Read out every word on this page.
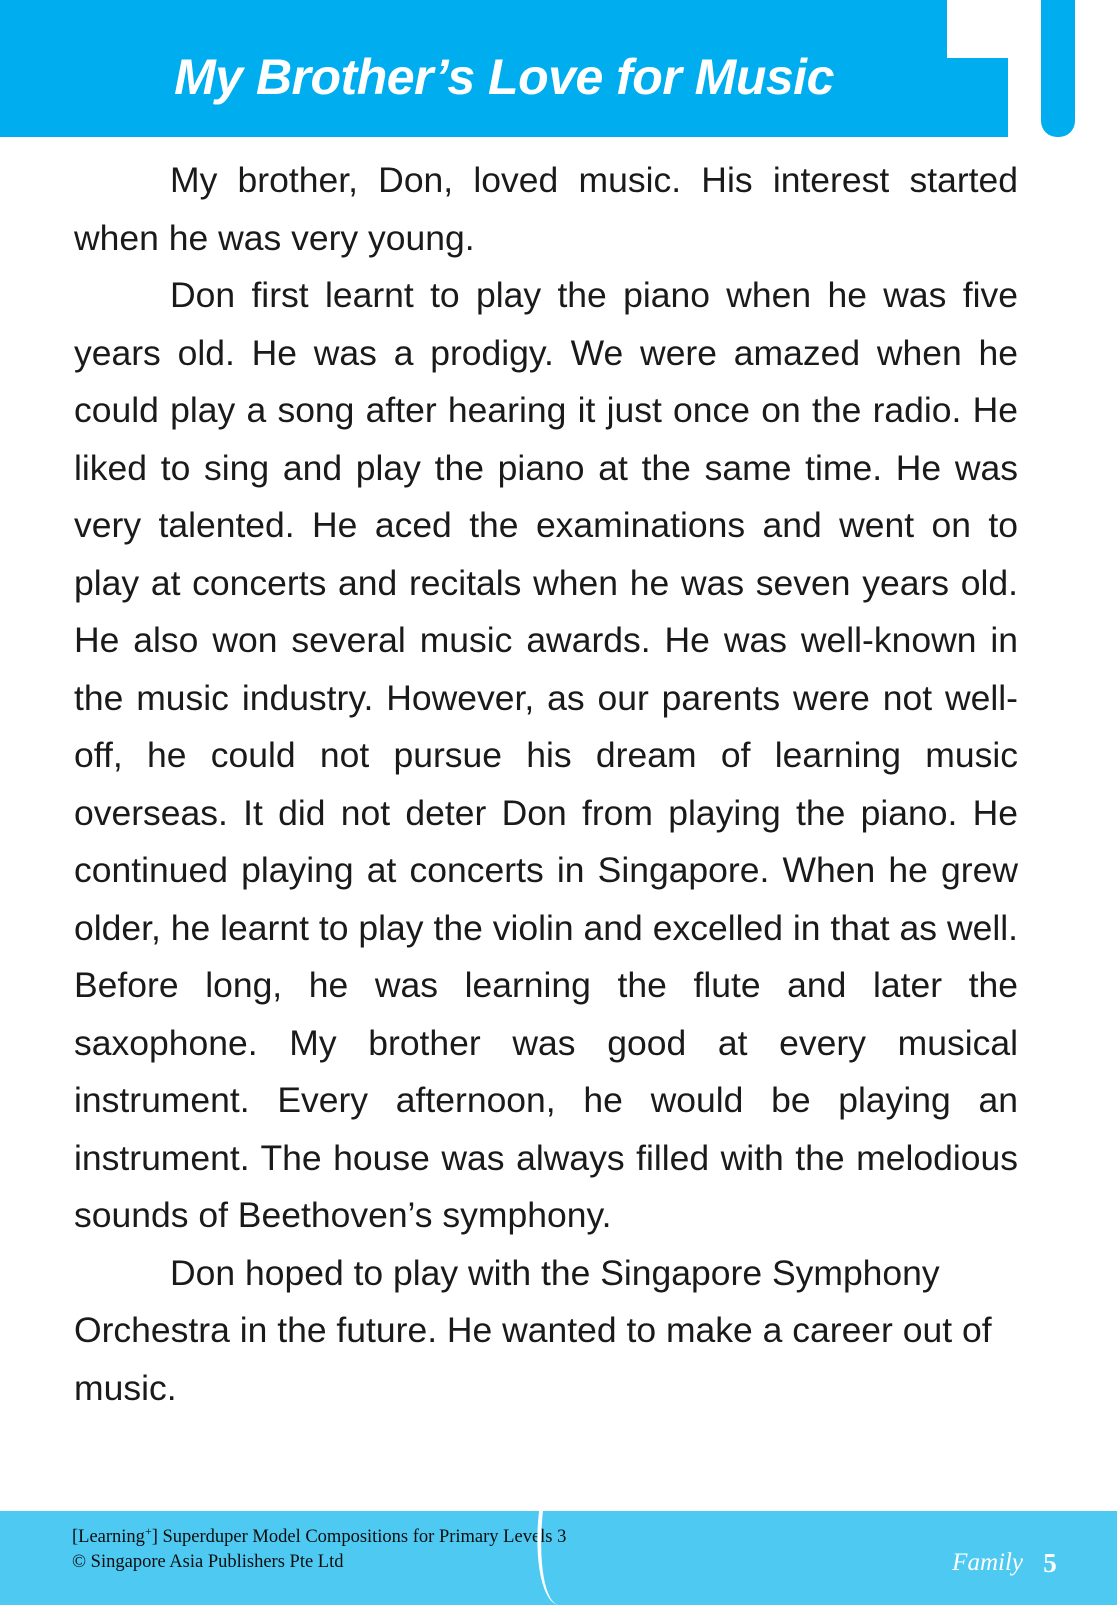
My Brother’s Love for Music

My brother, Don, loved music. His interest started when he was very young.

Don first learnt to play the piano when he was five years old. He was a prodigy. We were amazed when he could play a song after hearing it just once on the radio. He liked to sing and play the piano at the same time. He was very talented. He aced the examinations and went on to play at concerts and recitals when he was seven years old. He also won several music awards. He was well-known in the music industry. However, as our parents were not well-off, he could not pursue his dream of learning music overseas. It did not deter Don from playing the piano. He continued playing at concerts in Singapore. When he grew older, he learnt to play the violin and excelled in that as well. Before long, he was learning the flute and later the saxophone. My brother was good at every musical instrument. Every afternoon, he would be playing an instrument. The house was always filled with the melodious sounds of Beethoven’s symphony.

Don hoped to play with the Singapore Symphony Orchestra in the future. He wanted to make a career out of music.

[Learning+] Superduper Model Compositions for Primary Levels 3
© Singapore Asia Publishers Pte Ltd	Family 5
